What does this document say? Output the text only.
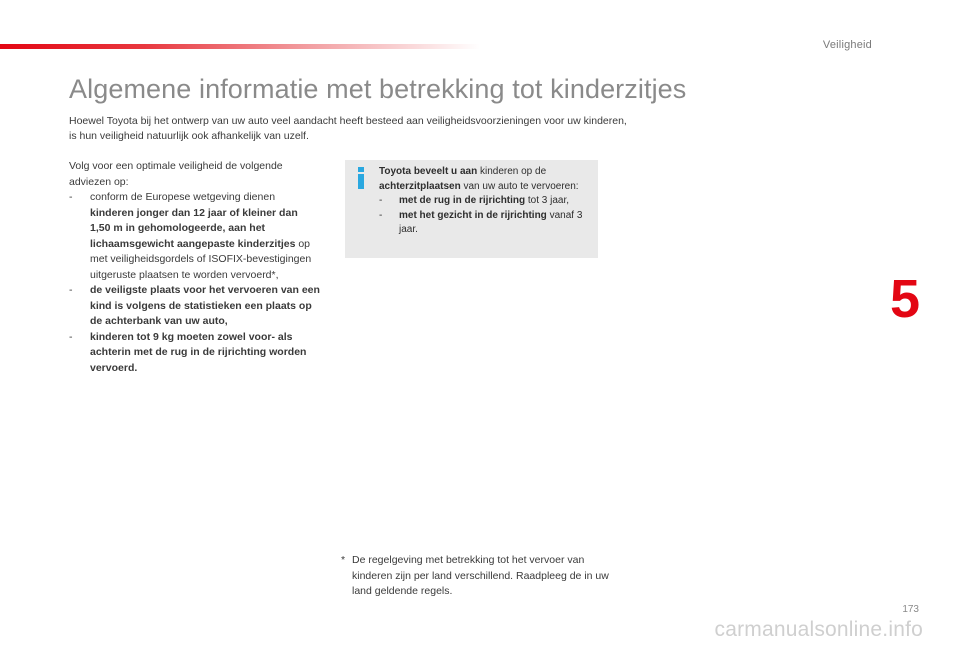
Veiligheid
Algemene informatie met betrekking tot kinderzitjes

Hoewel Toyota bij het ontwerp van uw auto veel aandacht heeft besteed aan veiligheidsvoorzieningen voor uw kinderen, is hun veiligheid natuurlijk ook afhankelijk van uzelf.

Volg voor een optimale veiligheid de volgende adviezen op:

- conform de Europese wetgeving dienen kinderen jonger dan 12 jaar of kleiner dan 1,50 m in gehomologeerde, aan het lichaamsgewicht aangepaste kinderzitjes op met veiligheidsgordels of ISOFIX-bevestigingen uitgeruste plaatsen te worden vervoerd*,

- de veiligste plaats voor het vervoeren van een kind is volgens de statistieken een plaats op de achterbank van uw auto,

- kinderen tot 9 kg moeten zowel voor- als achterin met de rug in de rijrichting worden vervoerd.

Toyota beveelt u aan kinderen op de achterzitplaatsen van uw auto te vervoeren:

- met de rug in de rijrichting tot 3 jaar,

- met het gezicht in de rijrichting vanaf 3 jaar.

5
* De regelgeving met betrekking tot het vervoer van kinderen zijn per land verschillend. Raadpleeg de in uw land geldende regels.
173
carmanualsonline.info
